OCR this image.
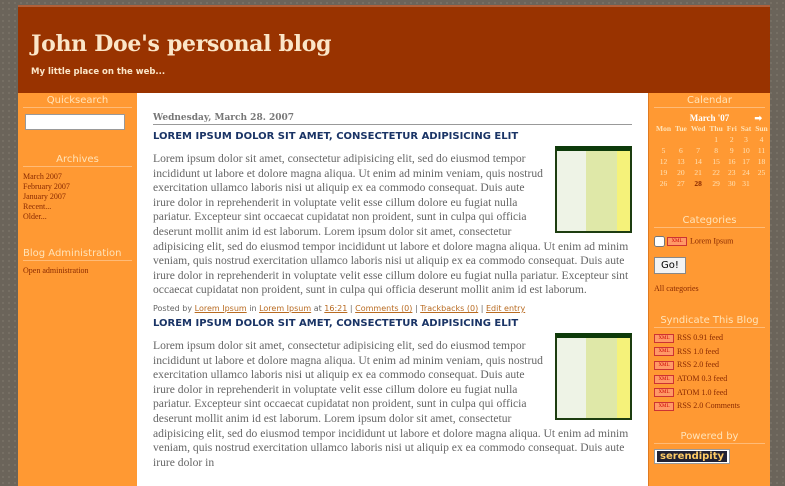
John Doe's personal blog
My little place on the web...
Quicksearch
Archives
March 2007
February 2007
January 2007
Recent...
Older...
Blog Administration
Open administration
Wednesday, March 28. 2007
LOREM IPSUM DOLOR SIT AMET, CONSECTETUR ADIPISICING ELIT
Lorem ipsum dolor sit amet, consectetur adipisicing elit, sed do eiusmod tempor incididunt ut labore et dolore magna aliqua. Ut enim ad minim veniam, quis nostrud exercitation ullamco laboris nisi ut aliquip ex ea commodo consequat. Duis aute irure dolor in reprehenderit in voluptate velit esse cillum dolore eu fugiat nulla pariatur. Excepteur sint occaecat cupidatat non proident, sunt in culpa qui officia deserunt mollit anim id est laborum. Lorem ipsum dolor sit amet, consectetur adipisicing elit, sed do eiusmod tempor incididunt ut labore et dolore magna aliqua. Ut enim ad minim veniam, quis nostrud exercitation ullamco laboris nisi ut aliquip ex ea commodo consequat. Duis aute irure dolor in reprehenderit in voluptate velit esse cillum dolore eu fugiat nulla pariatur. Excepteur sint occaecat cupidatat non proident, sunt in culpa qui officia deserunt mollit anim id est laborum.
Posted by Lorem Ipsum in Lorem Ipsum at 16:21 | Comments (0) | Trackbacks (0) | Edit entry
LOREM IPSUM DOLOR SIT AMET, CONSECTETUR ADIPISICING ELIT
Lorem ipsum dolor sit amet, consectetur adipisicing elit, sed do eiusmod tempor incididunt ut labore et dolore magna aliqua. Ut enim ad minim veniam, quis nostrud exercitation ullamco laboris nisi ut aliquip ex ea commodo consequat. Duis aute irure dolor in reprehenderit in voluptate velit esse cillum dolore eu fugiat nulla pariatur. Excepteur sint occaecat cupidatat non proident, sunt in culpa qui officia deserunt mollit anim id est laborum. Lorem ipsum dolor sit amet, consectetur adipisicing elit, sed do eiusmod tempor incididunt ut labore et dolore magna aliqua. Ut enim ad minim veniam, quis nostrud exercitation ullamco laboris nisi ut aliquip ex ea commodo consequat. Duis aute irure dolor in
Calendar
March '07	➡
Mon	Tue	Wed	Thu	Fri	Sat	Sun
			1	2	3	4
5	6	7	8	9	10	11
12	13	14	15	16	17	18
19	20	21	22	23	24	25
26	27	28	29	30	31	
Categories
XML Lorem Ipsum
Go!
All categories
Syndicate This Blog
XML RSS 0.91 feed
XML RSS 1.0 feed
XML RSS 2.0 feed
XML ATOM 0.3 feed
XML ATOM 1.0 feed
XML RSS 2.0 Comments
Powered by
serendipity
